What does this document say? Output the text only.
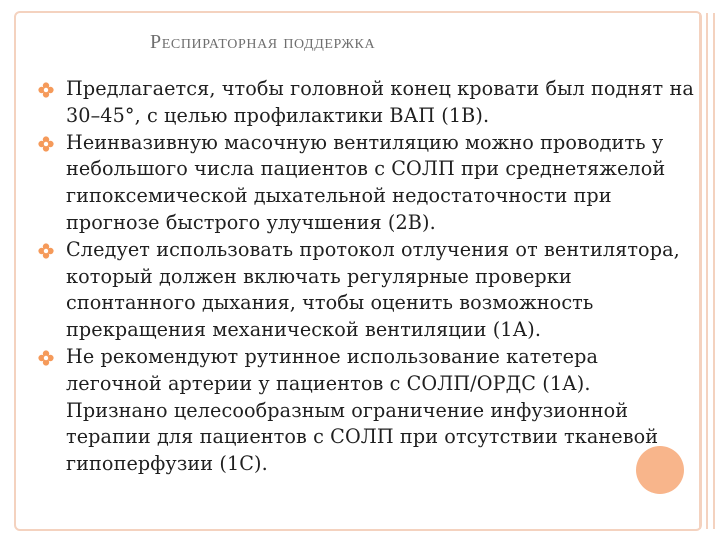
Респираторная поддержка
Предлагается, чтобы головной конец кровати был поднят на 30–45°, с целью профилактики ВАП (1В).
Неинвазивную масочную вентиляцию можно проводить у небольшого числа пациентов с СОЛП при среднетяжелой гипоксемической дыхательной недостаточности при прогнозе быстрого улучшения (2В).
Следует использовать протокол отлучения от вентилятора, который должен включать регулярные проверки спонтанного дыхания, чтобы оценить возможность прекращения механической вентиляции (1А).
Не рекомендуют рутинное использование катетера легочной артерии у пациентов с СОЛП/ОРДС (1А). Признано целесообразным ограничение инфузионной терапии для пациентов с СОЛП при отсутствии тканевой гипоперфузии (1С).
